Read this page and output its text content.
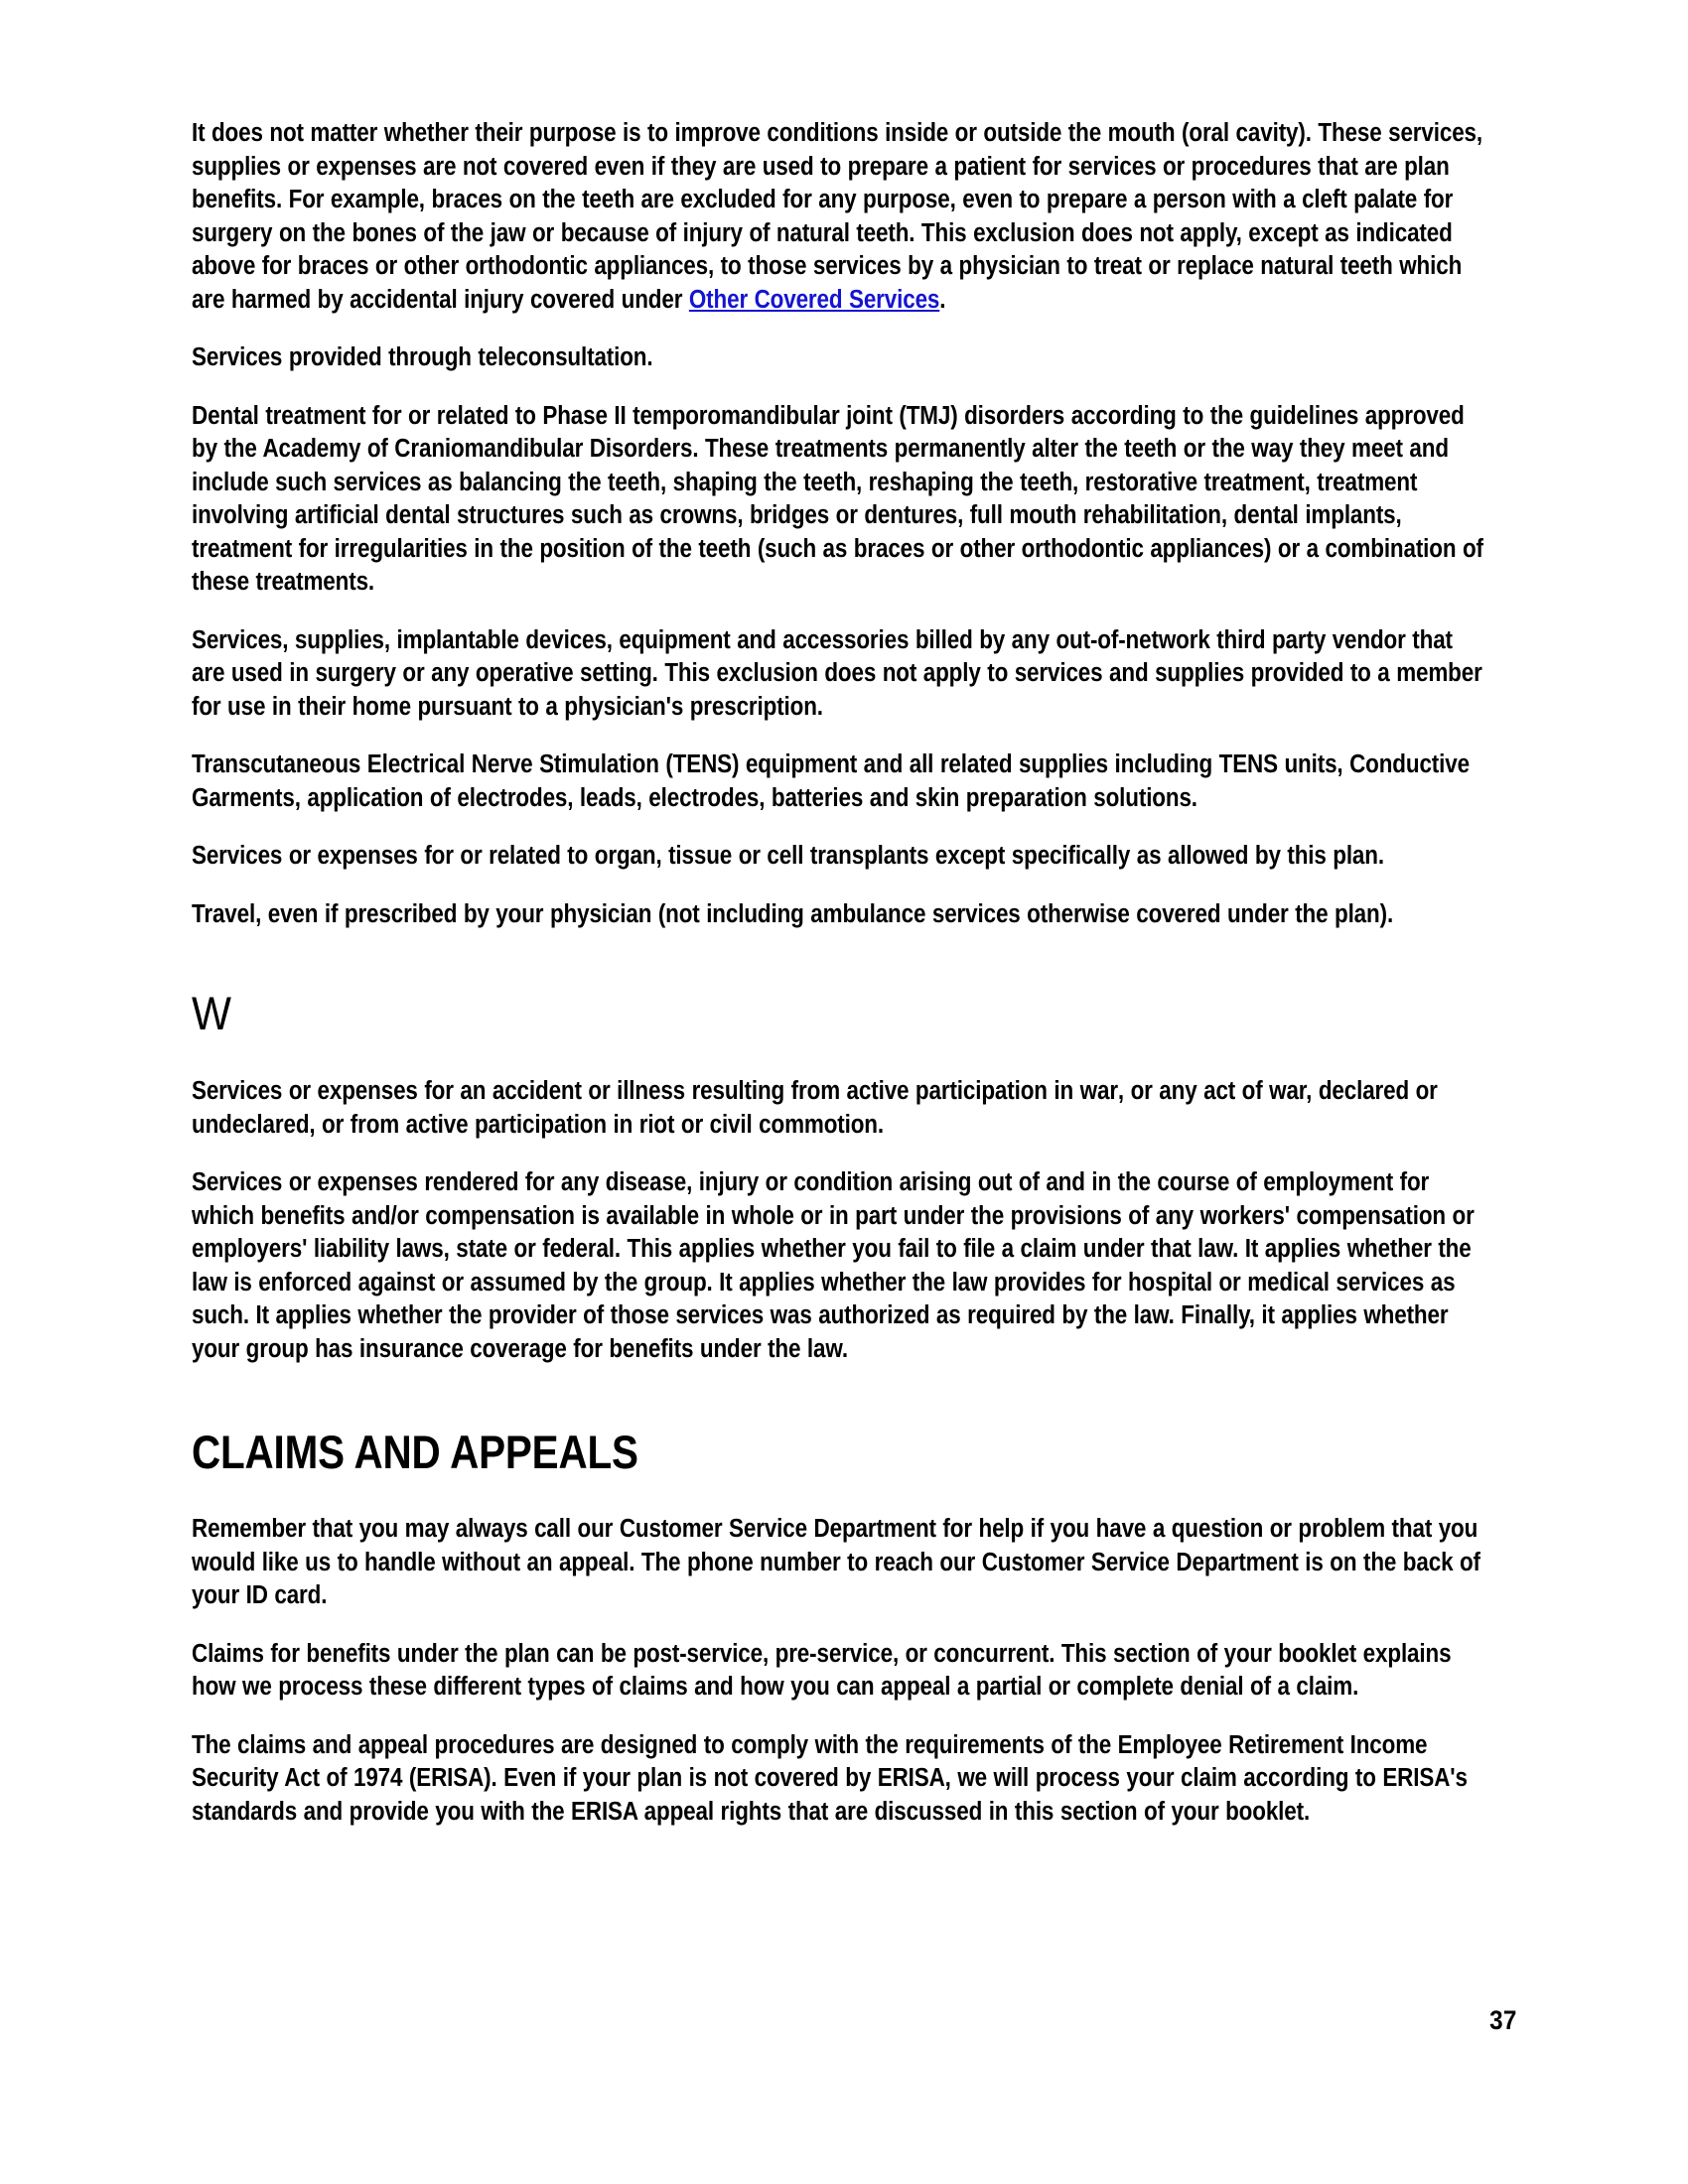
It does not matter whether their purpose is to improve conditions inside or outside the mouth (oral cavity). These services, supplies or expenses are not covered even if they are used to prepare a patient for services or procedures that are plan benefits. For example, braces on the teeth are excluded for any purpose, even to prepare a person with a cleft palate for surgery on the bones of the jaw or because of injury of natural teeth. This exclusion does not apply, except as indicated above for braces or other orthodontic appliances, to those services by a physician to treat or replace natural teeth which are harmed by accidental injury covered under Other Covered Services.

Services provided through teleconsultation.

Dental treatment for or related to Phase II temporomandibular joint (TMJ) disorders according to the guidelines approved by the Academy of Craniomandibular Disorders. These treatments permanently alter the teeth or the way they meet and include such services as balancing the teeth, shaping the teeth, reshaping the teeth, restorative treatment, treatment involving artificial dental structures such as crowns, bridges or dentures, full mouth rehabilitation, dental implants, treatment for irregularities in the position of the teeth (such as braces or other orthodontic appliances) or a combination of these treatments.

Services, supplies, implantable devices, equipment and accessories billed by any out-of-network third party vendor that are used in surgery or any operative setting. This exclusion does not apply to services and supplies provided to a member for use in their home pursuant to a physician's prescription.

Transcutaneous Electrical Nerve Stimulation (TENS) equipment and all related supplies including TENS units, Conductive Garments, application of electrodes, leads, electrodes, batteries and skin preparation solutions.

Services or expenses for or related to organ, tissue or cell transplants except specifically as allowed by this plan.

Travel, even if prescribed by your physician (not including ambulance services otherwise covered under the plan).

W

Services or expenses for an accident or illness resulting from active participation in war, or any act of war, declared or undeclared, or from active participation in riot or civil commotion.

Services or expenses rendered for any disease, injury or condition arising out of and in the course of employment for which benefits and/or compensation is available in whole or in part under the provisions of any workers' compensation or employers' liability laws, state or federal. This applies whether you fail to file a claim under that law. It applies whether the law is enforced against or assumed by the group. It applies whether the law provides for hospital or medical services as such. It applies whether the provider of those services was authorized as required by the law. Finally, it applies whether your group has insurance coverage for benefits under the law.

CLAIMS AND APPEALS

Remember that you may always call our Customer Service Department for help if you have a question or problem that you would like us to handle without an appeal. The phone number to reach our Customer Service Department is on the back of your ID card.

Claims for benefits under the plan can be post-service, pre-service, or concurrent. This section of your booklet explains how we process these different types of claims and how you can appeal a partial or complete denial of a claim.

The claims and appeal procedures are designed to comply with the requirements of the Employee Retirement Income Security Act of 1974 (ERISA). Even if your plan is not covered by ERISA, we will process your claim according to ERISA's standards and provide you with the ERISA appeal rights that are discussed in this section of your booklet.

37
